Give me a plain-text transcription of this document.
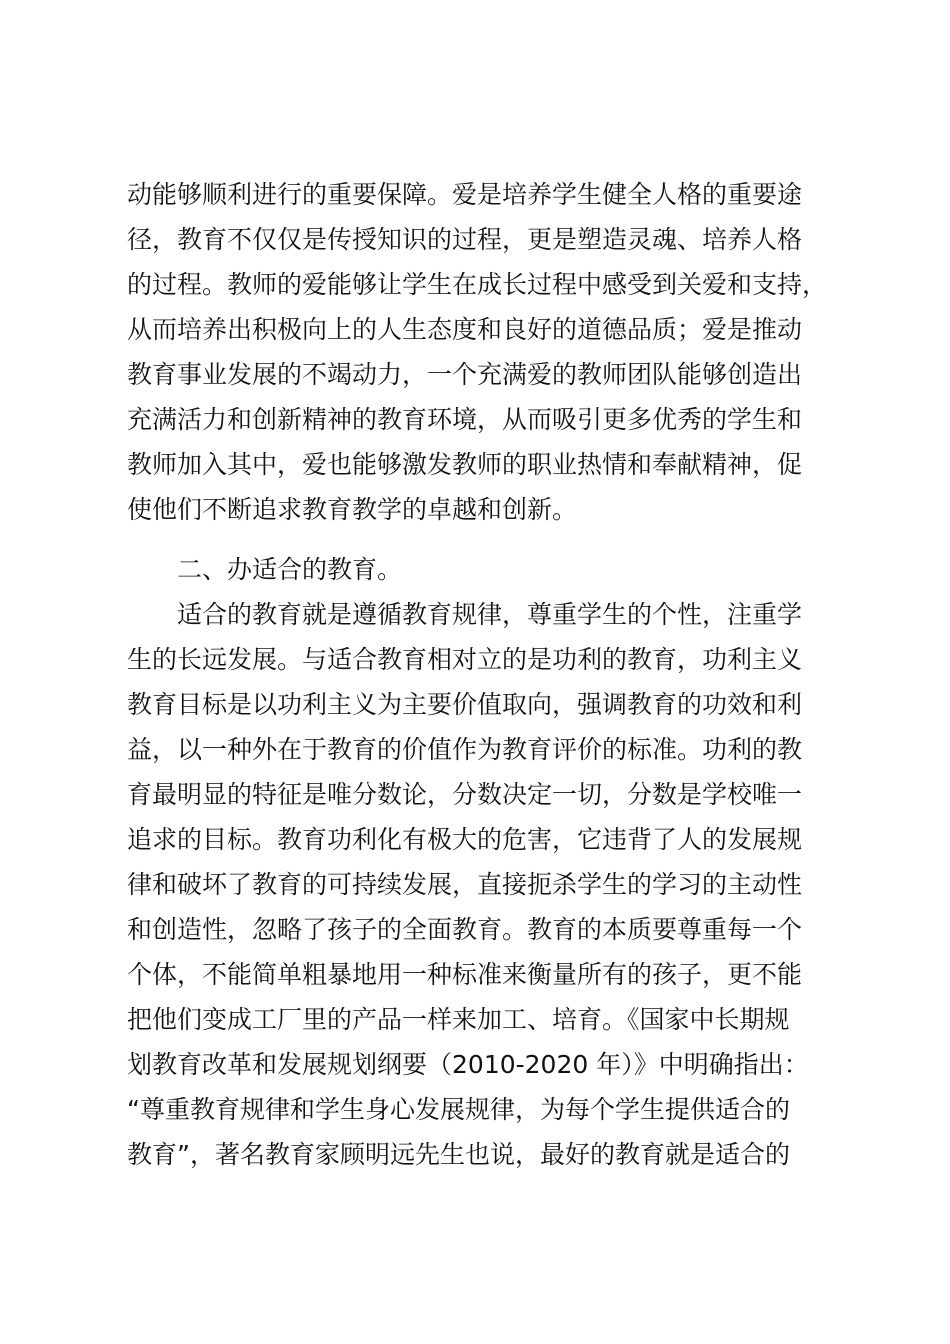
动能够顺利进行的重要保障。爱是培养学生健全人格的重要途
径，教育不仅仅是传授知识的过程，更是塑造灵魂、培养人格
的过程。教师的爱能够让学生在成长过程中感受到关爱和支持，
从而培养出积极向上的人生态度和良好的道德品质；爱是推动
教育事业发展的不竭动力，一个充满爱的教师团队能够创造出
充满活力和创新精神的教育环境，从而吸引更多优秀的学生和
教师加入其中，爱也能够激发教师的职业热情和奉献精神，促
使他们不断追求教育教学的卓越和创新。
　　二、办适合的教育。
　　适合的教育就是遵循教育规律，尊重学生的个性，注重学
生的长远发展。与适合教育相对立的是功利的教育，功利主义
教育目标是以功利主义为主要价值取向，强调教育的功效和利
益，以一种外在于教育的价值作为教育评价的标准。功利的教
育最明显的特征是唯分数论，分数决定一切，分数是学校唯一
追求的目标。教育功利化有极大的危害，它违背了人的发展规
律和破坏了教育的可持续发展，直接扼杀学生的学习的主动性
和创造性，忽略了孩子的全面教育。教育的本质要尊重每一个
个体，不能简单粗暴地用一种标准来衡量所有的孩子，更不能
把他们变成工厂里的产品一样来加工、培育。《国家中长期规
划教育改革和发展规划纲要（2010-2020 年）》中明确指出：
“尊重教育规律和学生身心发展规律，为每个学生提供适合的
教育”，著名教育家顾明远先生也说，最好的教育就是适合的
